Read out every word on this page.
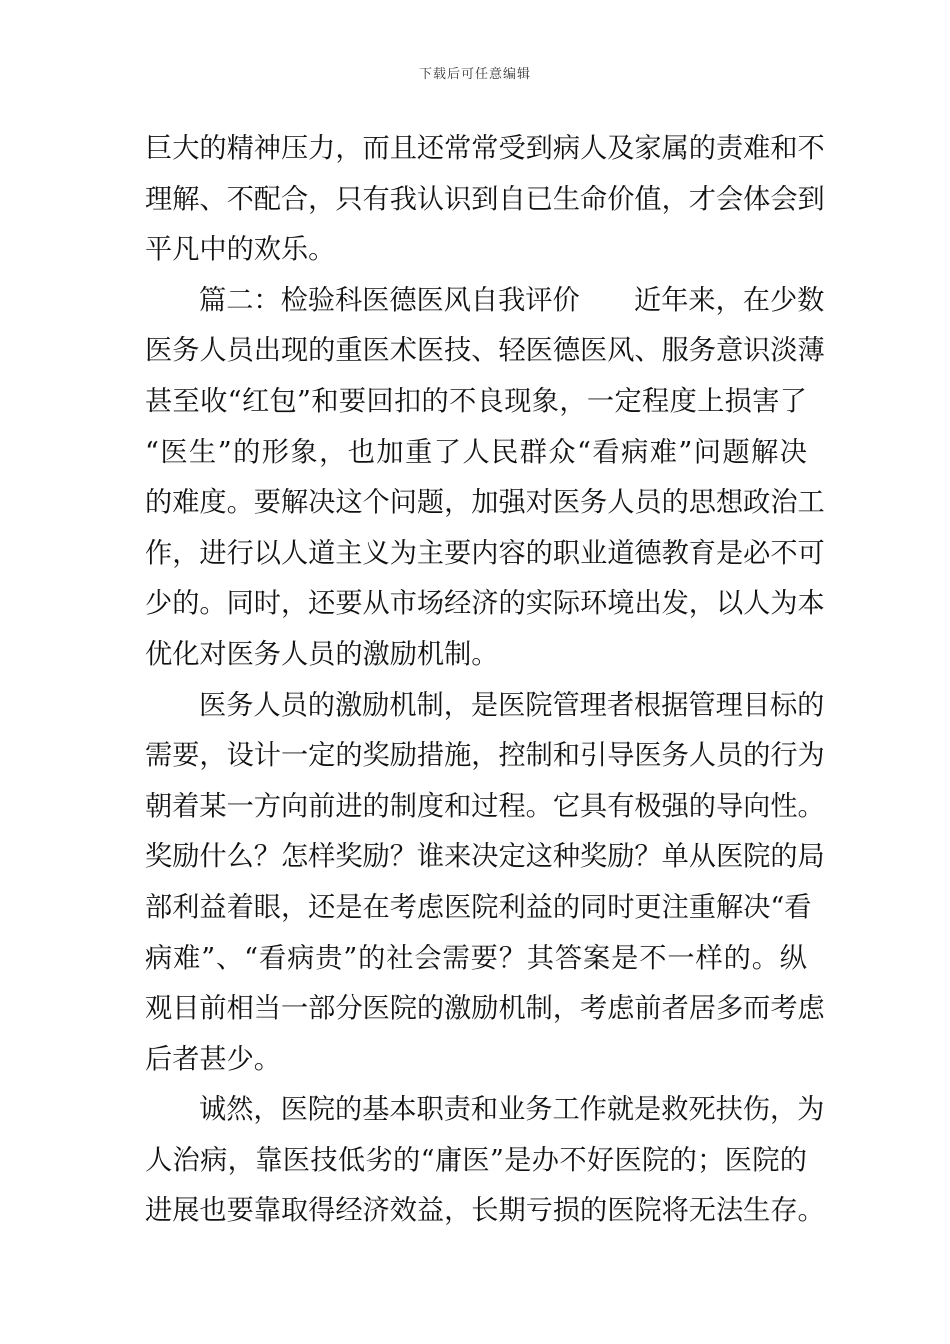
下载后可任意编辑
巨大的精神压力，而且还常常受到病人及家属的责难和不
理解、不配合，只有我认识到自已生命价值，才会体会到
平凡中的欢乐。
篇二：检验科医德医风自我评价　　近年来，在少数
医务人员出现的重医术医技、轻医德医风、服务意识淡薄
甚至收“红包”和要回扣的不良现象，一定程度上损害了
“医生”的形象，也加重了人民群众“看病难”问题解决
的难度。要解决这个问题，加强对医务人员的思想政治工
作，进行以人道主义为主要内容的职业道德教育是必不可
少的。同时，还要从市场经济的实际环境出发，以人为本
优化对医务人员的激励机制。
医务人员的激励机制，是医院管理者根据管理目标的
需要，设计一定的奖励措施，控制和引导医务人员的行为
朝着某一方向前进的制度和过程。它具有极强的导向性。
奖励什么？怎样奖励？谁来决定这种奖励？单从医院的局
部利益着眼，还是在考虑医院利益的同时更注重解决“看
病难”、“看病贵”的社会需要？其答案是不一样的。纵
观目前相当一部分医院的激励机制，考虑前者居多而考虑
后者甚少。
诚然，医院的基本职责和业务工作就是救死扶伤，为
人治病，靠医技低劣的“庸医”是办不好医院的；医院的
进展也要靠取得经济效益，长期亏损的医院将无法生存。
